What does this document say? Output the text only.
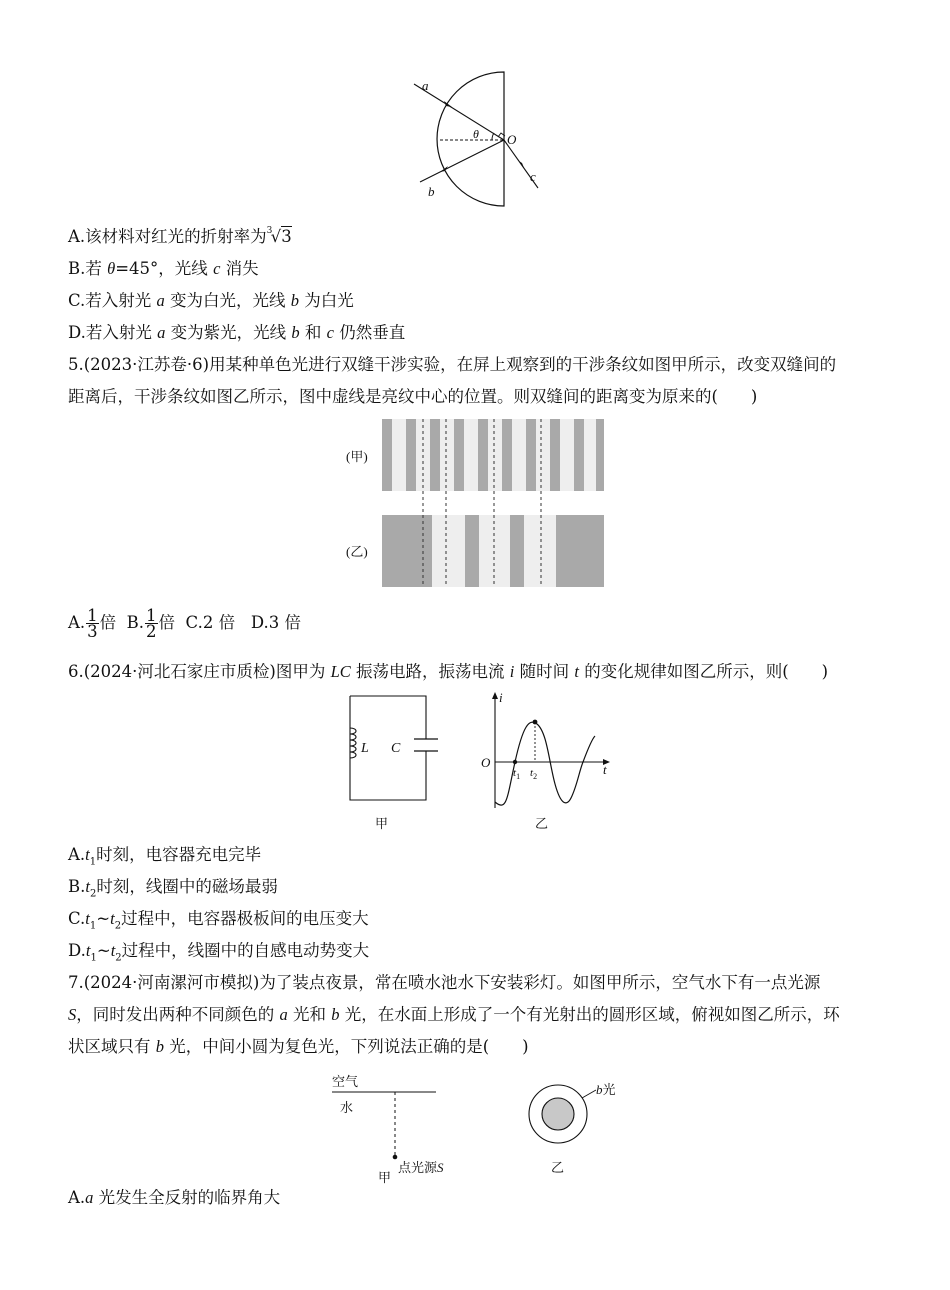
a
b
c
O
θ
A.该材料对红光的折射率为 3
√3
B.若 θ=45°，光线 c 消失
C.若入射光 a 变为白光，光线 b 为白光
D.若入射光 a 变为紫光，光线 b 和 c 仍然垂直
5.(2023·江苏卷·6)用某种单色光进行双缝干涉实验，在屏上观察到的干涉条纹如图甲所示，改变双缝间的
距离后，干涉条纹如图乙所示，图中虚线是亮纹中心的位置。则双缝间的距离变为原来的(　　)
(甲)
(乙)
A. $\frac{1}{3}$ 倍 B. $\frac{1}{2}$ 倍 C.2 倍 D.3 倍
6.(2024·河北石家庄市质检)图甲为 LC 振荡电路，振荡电流 i 随时间 t 的变化规律如图乙所示，则(　　)
L C
甲
i
t
O
$t_1$ $t_2$
乙
$A.t_1$时刻，电容器充电完毕
$B.t_2$时刻，线圈中的磁场最弱
$C.t_1\sim t_2$过程中，电容器极板间的电压变大
$D.t_1\sim t_2$过程中，线圈中的自感电动势变大
7.(2024·河南漯河市模拟)为了装点夜景，常在喷水池水下安装彩灯。如图甲所示，空气水下有一点光源
S，同时发出两种不同颜色的 a 光和 b 光，在水面上形成了一个有光射出的圆形区域，俯视如图乙所示，环
状区域只有 b 光，中间小圆为复色光，下列说法正确的是(　　)
空气
水
点光源S
甲
b光
乙
A.a 光发生全反射的临界角大
